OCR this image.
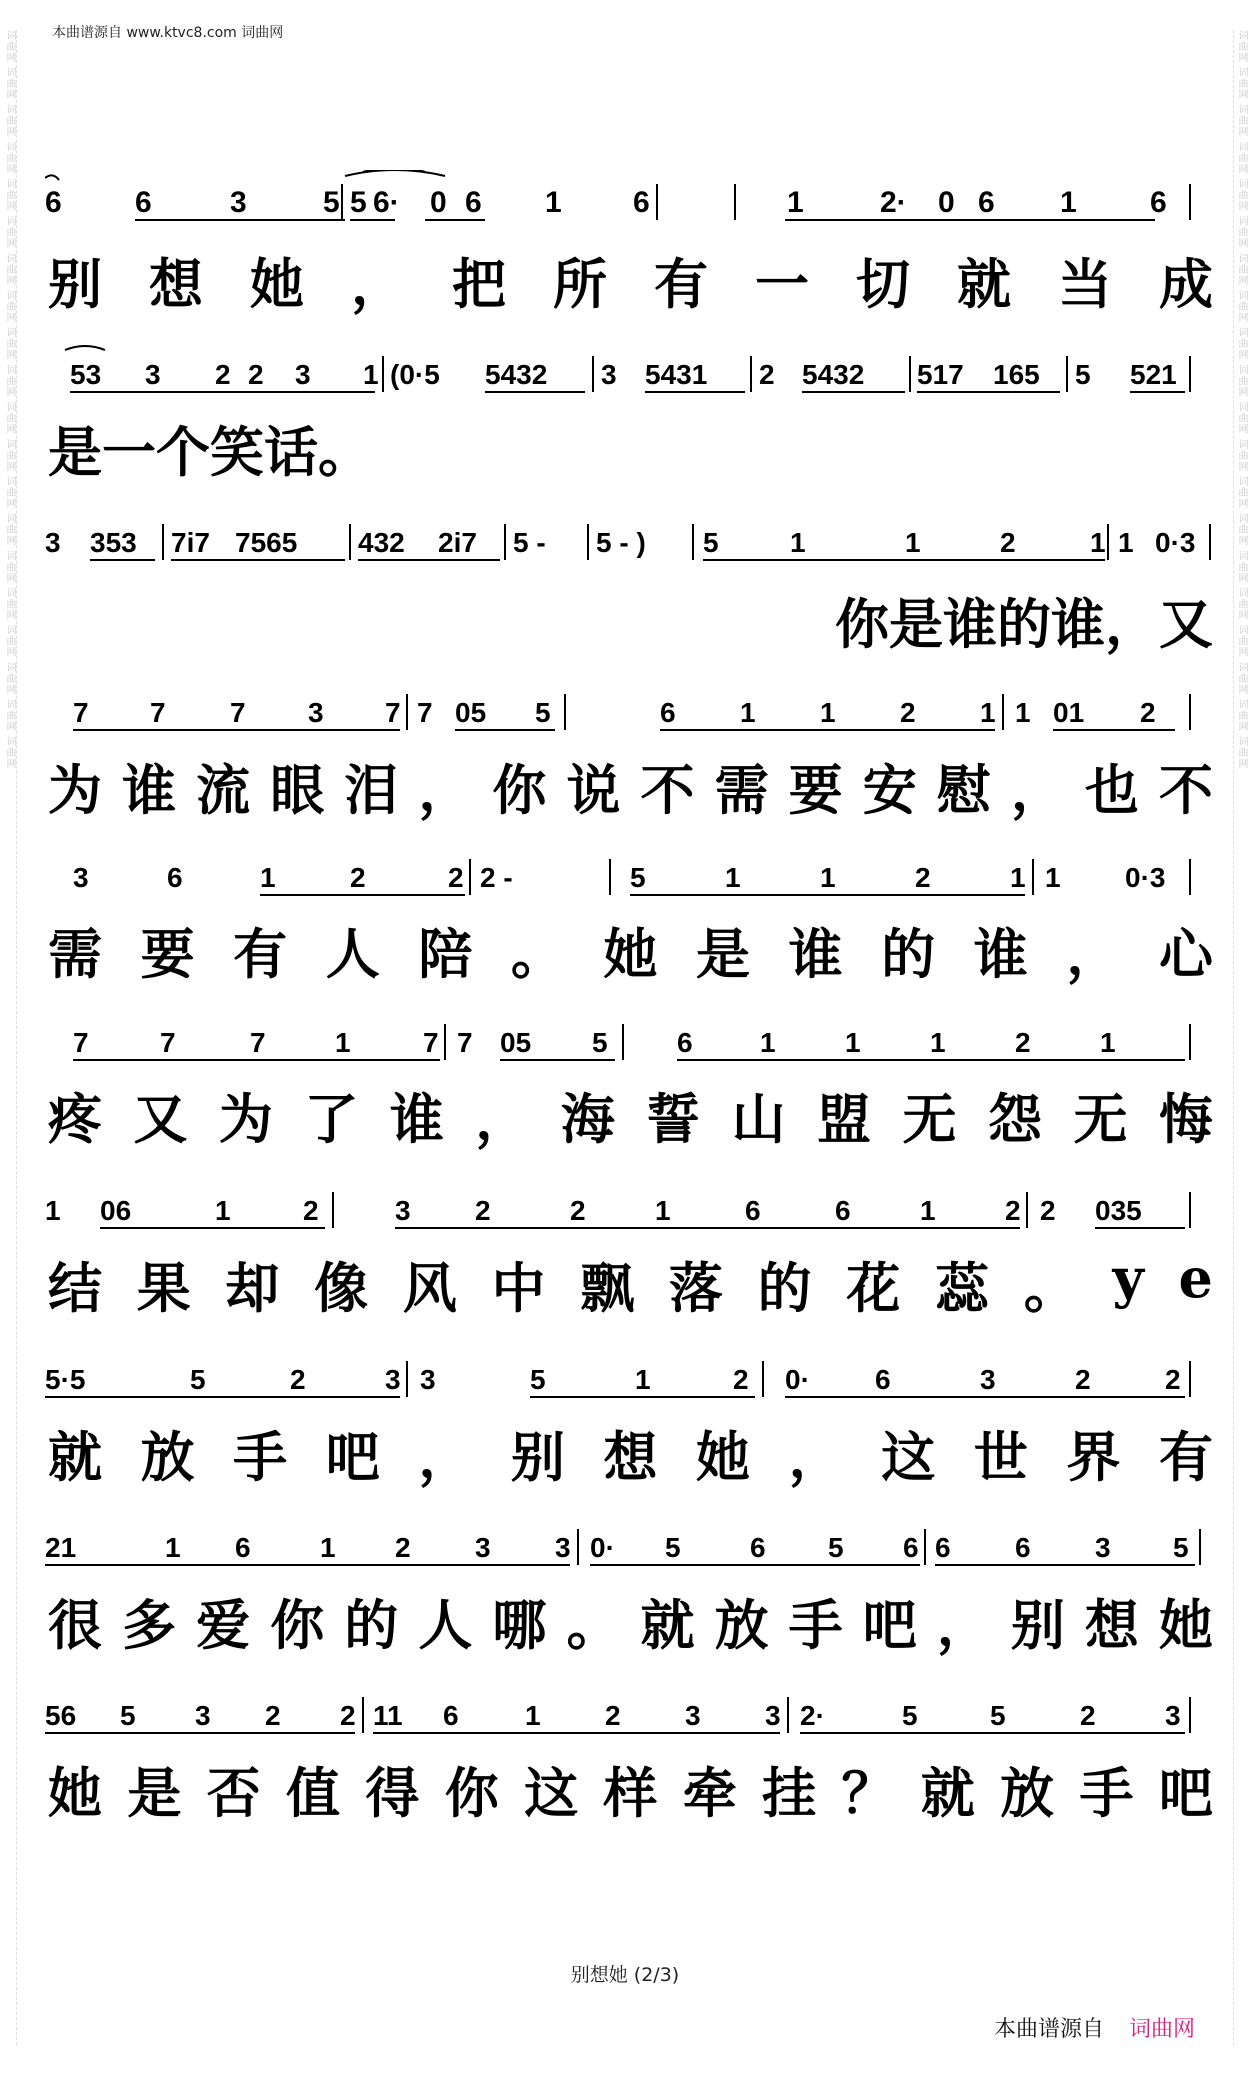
本曲谱源自 www.ktvc8.com 词曲网
词曲网 词曲网 词曲网 词曲网 词曲网 词曲网 词曲网 词曲网 词曲网 词曲网 词曲网 词曲网 词曲网 词曲网 词曲网 词曲网 词曲网 词曲网 词曲网 词曲网	词曲网 词曲网 词曲网 词曲网 词曲网 词曲网 词曲网 词曲网 词曲网 词曲网 词曲网 词曲网 词曲网 词曲网 词曲网 词曲网 词曲网 词曲网 词曲网 词曲网
6 6	3	5 5 6· 0 6 1 6	1	2· 0 6 1 6
别 想 她 ， 把 所 有 一 切 就 当 成
53 3 2 2 3 1 (0·5 5432 3 5431 2 5432 517 165 5 521
是一个笑话。
3 353 7i7 7565 432 2i7 5 - 5 - ) 5	1	1	2	1 1 0·3
你是谁的谁，又
7 7 7 3 7 7 05 5	6 1 1 2 1 1 01 2
为 谁 流 眼 泪 ， 你 说 不 需 要 安 慰 ， 也 不
3	6	1	2	2 2 -	5	1	1	2	1 1 0·3
需 要 有 人 陪 。 她 是 谁 的 谁 ， 心
7	7	7 1	7 7 05 5 6 1 1 1 2 1
疼 又 为 了 谁 ， 海 誓 山 盟 无 怨 无 悔
1 06	1	2	3 2	2 1	6	6 1 2 2 035
结 果 却 像 风 中 飘 落 的 花 蕊 。 y e
5·5	5	2	3 3	5	1	2 0· 6	3	2	2
就 放 手 吧 ， 别 想 她 ， 这 世 界 有
21	1 6 1 2 3 3 0· 5 6 5 6 6 6 3 5
很 多 爱 你 的 人 哪 。 就 放 手 吧 ， 别 想 她
56 5 3 2 2 11 6 1 2 3 3 2·	5	5	2 3
她 是 否 值 得 你 这 样 牵 挂 ？ 就 放 手 吧
别想她 (2/3)
本曲谱源自 词曲网
